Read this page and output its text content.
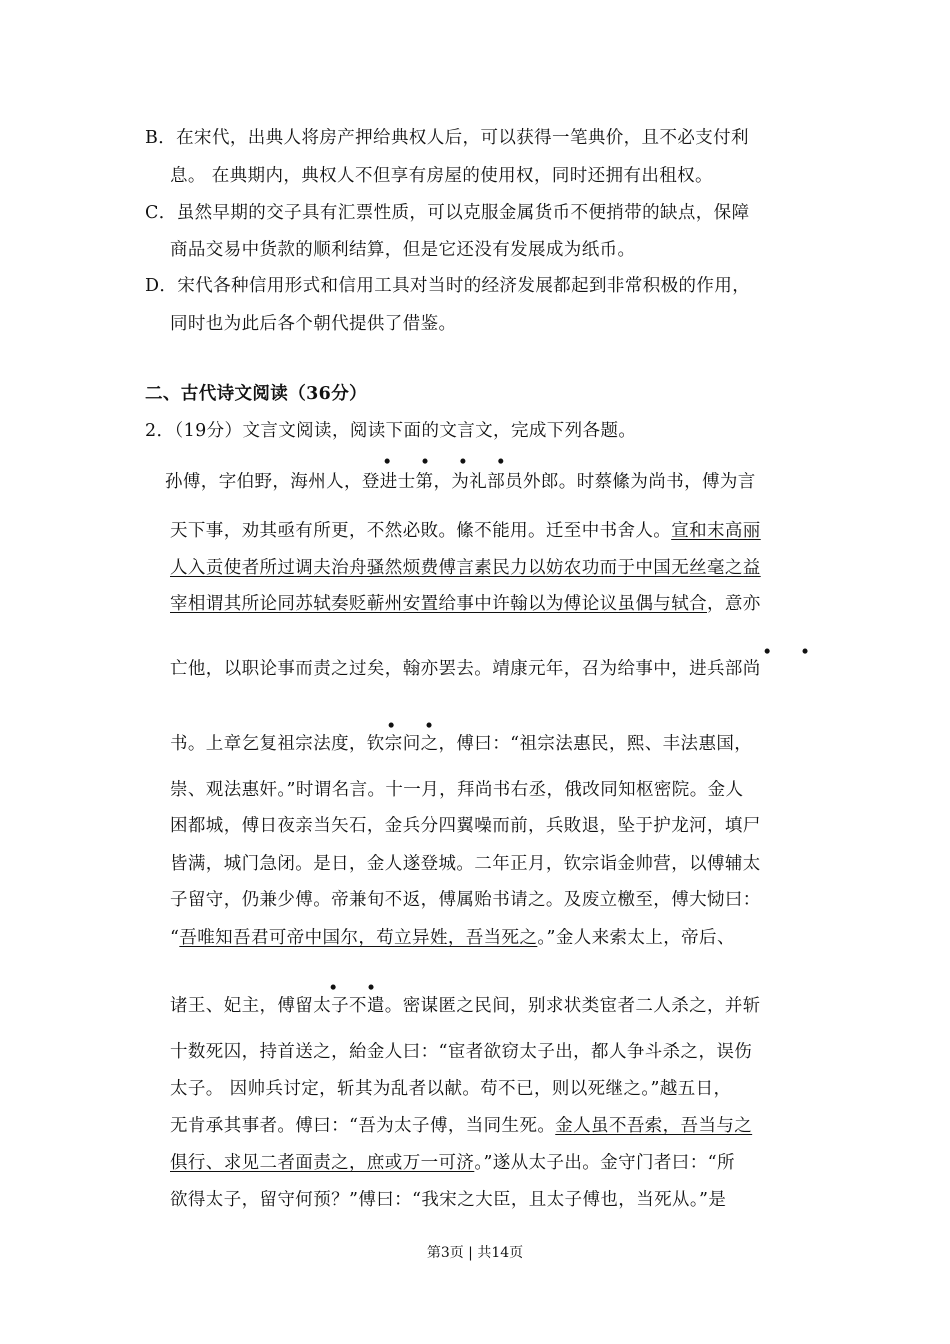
B．在宋代，出典人将房产押给典权人后，可以获得一笔典价，且不必支付利
息。 在典期内，典权人不但享有房屋的使用权，同时还拥有出租权。
C．虽然早期的交子具有汇票性质，可以克服金属货币不便捎带的缺点，保障
商品交易中货款的顺利结算，但是它还没有发展成为纸币。
D．宋代各种信用形式和信用工具对当时的经济发展都起到非常积极的作用，
同时也为此后各个朝代提供了借鉴。
二、古代诗文阅读（36分）
2．（19分）文言文阅读，阅读下面的文言文，完成下列各题。
• • • •
• •
• •
• •
孙傅，字伯野，海州人，登进士第，为礼部员外郎。时蔡絛为尚书，傅为言
天下事，劝其亟有所更，不然必敗。絛不能用。迁至中书舍人。宣和末高丽
人入贡使者所过调夫治舟骚然烦费傅言素民力以妨农功而于中国无丝毫之益
宰相谓其所论同苏轼奏贬蕲州安置给事中许翰以为傅论议虽偶与轼合，意亦
亡他，以职论事而责之过矣，翰亦罢去。靖康元年，召为给事中，进兵部尚
书。上章乞复祖宗法度，钦宗问之，傅曰：“祖宗法惠民，熙、丰法惠国，
崇、观法惠奸。”时谓名言。十一月，拜尚书右丞，俄改同知枢密院。金人
困都城，傅日夜亲当矢石，金兵分四翼噪而前，兵敗退，坠于护龙河，填尸
皆满，城门急闭。是日，金人遂登城。二年正月，钦宗诣金帅营，以傅辅太
子留守，仍兼少傅。帝兼旬不返，傅属贻书请之。及废立檄至，傅大恸曰：
“吾唯知吾君可帝中国尔，苟立异姓，吾当死之。”金人来索太上，帝后、
诸王、妃主，傅留太子不遣。密谋匿之民间，别求状类宦者二人杀之，并斩
十数死囚，持首送之，紿金人曰：“宦者欲窃太子出，都人争斗杀之，误伤
太子。 因帅兵讨定，斩其为乱者以献。苟不已，则以死继之。”越五日，
无肯承其事者。傅曰：“吾为太子傅，当同生死。金人虽不吾索，吾当与之
俱行、求见二者面责之，庶或万一可济。”遂从太子出。金守门者曰：“所
欲得太子，留守何预？”傅曰：“我宋之大臣，且太子傅也，当死从。”是
第3页 | 共14页
